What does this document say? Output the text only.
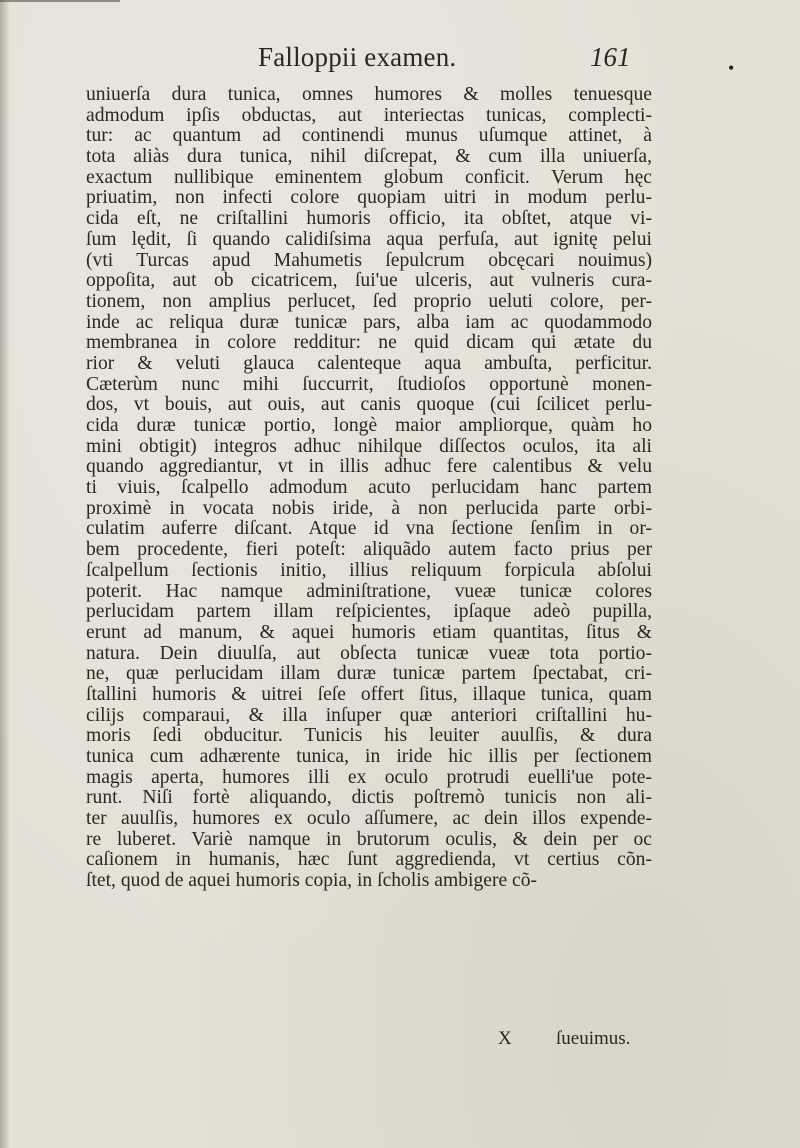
Falloppii examen.	161	•
uniuerſa dura tunica, omnes humores & molles tenuesque
admodum ipſis obductas, aut interiectas tunicas, complecti-
tur: ac quantum ad continendi munus uſumque attinet, à
tota aliàs dura tunica, nihil diſcrepat, & cum illa uniuerſa,
exactum nullibique eminentem globum conficit. Verum hęc
priuatim, non infecti colore quopiam uitri in modum perlu-
cida eſt, ne criſtallini humoris officio, ita obſtet, atque vi-
ſum lędit, ſi quando calidiſsima aqua perfuſa, aut ignitę pelui
(vti Turcas apud Mahumetis ſepulcrum obcęcari nouimus)
oppoſita, aut ob cicatricem, ſui'ue ulceris, aut vulneris cura-
tionem, non amplius perlucet, ſed proprio ueluti colore, per-
inde ac reliqua duræ tunicæ pars, alba iam ac quodammodo
membranea in colore redditur: ne quid dicam qui ætate du
rior & veluti glauca calenteque aqua ambuſta, perficitur.
Cæterùm nunc mihi ſuccurrit, ſtudioſos opportunè monen-
dos, vt bouis, aut ouis, aut canis quoque (cui ſcilicet perlu-
cida duræ tunicæ portio, longè maior ampliorque, quàm ho
mini obtigit) integros adhuc nihilque diſſectos oculos, ita ali
quando aggrediantur, vt in illis adhuc fere calentibus & velu
ti viuis, ſcalpello admodum acuto perlucidam hanc partem
proximè in vocata nobis iride, à non perlucida parte orbi-
culatim auferre diſcant. Atque id vna ſectione ſenſim in or-
bem procedente, fieri poteſt: aliquãdo autem facto prius per
ſcalpellum ſectionis initio, illius reliquum forpicula abſolui
poterit. Hac namque adminiſtratione, vueæ tunicæ colores
perlucidam partem illam reſpicientes, ipſaque adeò pupilla,
erunt ad manum, & aquei humoris etiam quantitas, ſitus &
natura. Dein diuulſa, aut obſecta tunicæ vueæ tota portio-
ne, quæ perlucidam illam duræ tunicæ partem ſpectabat, cri-
ſtallini humoris & uitrei ſeſe offert ſitus, illaque tunica, quam
cilijs comparaui, & illa inſuper quæ anteriori criſtallini hu-
moris ſedi obducitur. Tunicis his leuiter auulſis, & dura
tunica cum adhærente tunica, in iride hic illis per ſectionem
magis aperta, humores illi ex oculo protrudi euelli'ue pote-
runt. Niſi fortè aliquando, dictis poſtremò tunicis non ali-
ter auulſis, humores ex oculo aſſumere, ac dein illos expende-
re luberet. Variè namque in brutorum oculis, & dein per oc
caſionem in humanis, hæc ſunt aggredienda, vt certius cõn-
ſtet, quod de aquei humoris copia, in ſcholis ambigere cõ-
X ſueuimus.
